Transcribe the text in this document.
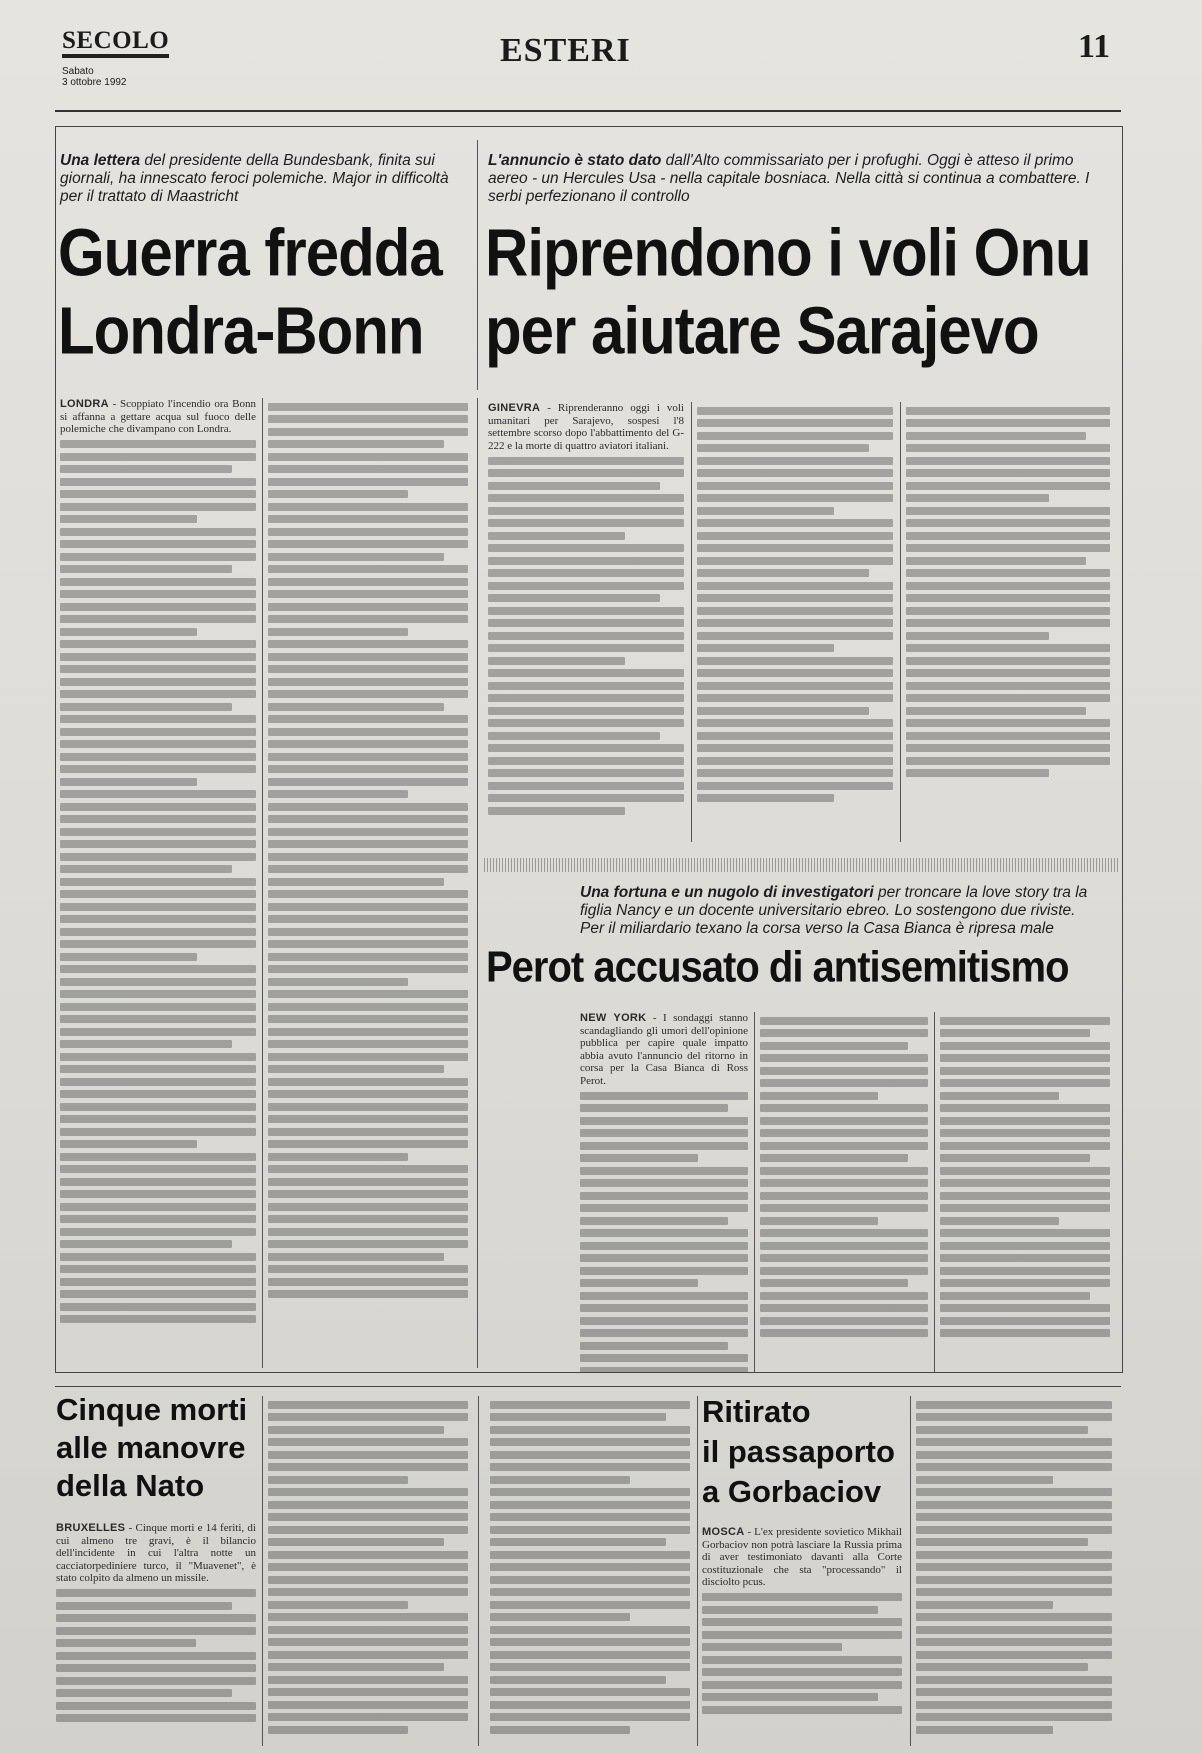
SECOLO
Sabato
3 ottobre 1992
ESTERI	11
Una lettera del presidente della Bundesbank, finita sui giornali, ha innescato feroci polemiche. Major in difficoltà per il trattato di Maastricht
Guerra fredda
Londra-Bonn
LONDRA - Scoppiato l'incendio ora Bonn si affanna a gettare acqua sul fuoco delle polemiche che divampano con Londra.
L'annuncio è stato dato dall'Alto commissariato per i profughi. Oggi è atteso il primo aereo - un Hercules Usa - nella capitale bosniaca. Nella città si continua a combattere. I serbi perfezionano il controllo
Riprendono i voli Onu
per aiutare Sarajevo
GINEVRA - Riprenderanno oggi i voli umanitari per Sarajevo, sospesi l'8 settembre scorso dopo l'abbattimento del G-222 e la morte di quattro aviatori italiani.
Una fortuna e un nugolo di investigatori per troncare la love story tra la figlia Nancy e un docente universitario ebreo. Lo sostengono due riviste. Per il miliardario texano la corsa verso la Casa Bianca è ripresa male
Perot accusato di antisemitismo
NEW YORK - I sondaggi stanno scandagliando gli umori dell'opinione pubblica per capire quale impatto abbia avuto l'annuncio del ritorno in corsa per la Casa Bianca di Ross Perot.
Cinque morti
alle manovre
della Nato
BRUXELLES - Cinque morti e 14 feriti, di cui almeno tre gravi, è il bilancio dell'incidente in cui l'altra notte un cacciatorpediniere turco, il "Muavenet", è stato colpito da almeno un missile.
Ritirato
il passaporto
a Gorbaciov
MOSCA - L'ex presidente sovietico Mikhail Gorbaciov non potrà lasciare la Russia prima di aver testimoniato davanti alla Corte costituzionale che sta "processando" il disciolto pcus.
